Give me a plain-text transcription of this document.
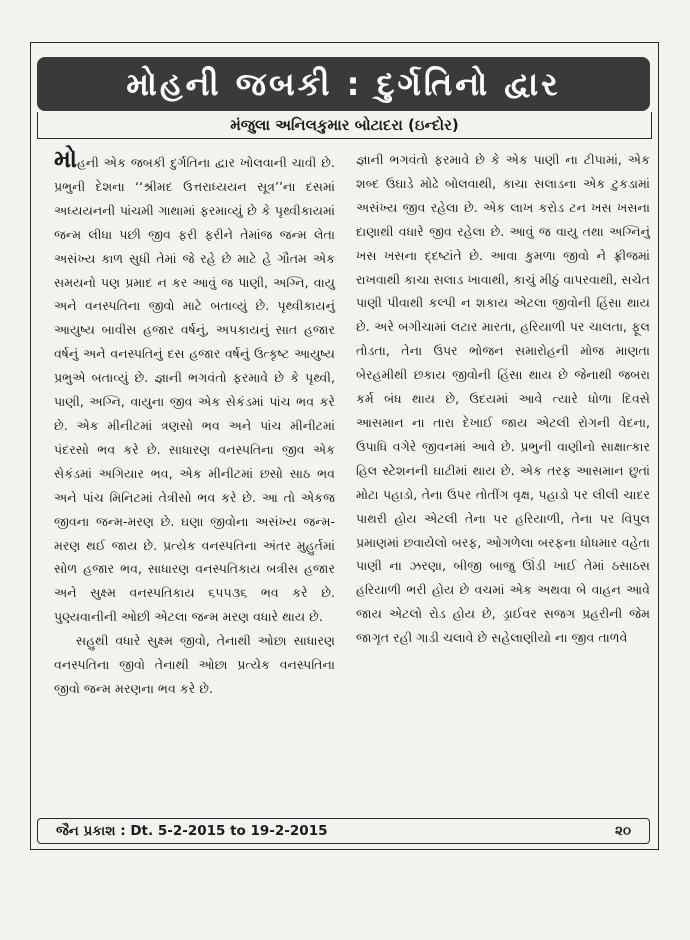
મોહની જબકી : દુર્ગતિનો દ્વાર
મંજુલા અનિલકુમાર બોટાદરા (ઇન્દોર)

મોહની એક જબકી દુર્ગતિના દ્વાર ખોલવાની ચાવી છે. પ્રભુની દેશના ‘‘શ્રીમદ ઉત્તરાધ્યયન સૂત્ર’’ના દસમાં અધ્યયનની પાંચમી ગાથામાં ફરમાવ્યું છે કે પૃથ્વીકાયમાં જન્મ લીધા પછી જીવ ફરી ફરીને તેમાંજ જન્મ લેતા અસંખ્ય કાળ સુધી તેમાં જે રહે છે માટે હે ગૌતમ એક સમયનો પણ પ્રમાદ ન કર આવું જ પાણી, અગ્નિ, વાયુ અને વનસ્પતિના જીવો માટે બતાવ્યું છે. પૃથ્વીકાયનું આયુષ્ય બાવીસ હજાર વર્ષનું, અપકાયનું સાત હજાર વર્ષનું અને વનસ્પતિનું દસ હજાર વર્ષનું ઉત્કૃષ્ટ આયુષ્ય પ્રભુએ બતાવ્યું છે. જ્ઞાની ભગવંતો ફરમાવે છે કે પૃથ્વી, પાણી, અગ્નિ, વાયુના જીવ એક સેકંડમાં પાંચ ભવ કરે છે. એક મીનીટમાં ત્રણસો ભવ અને પાંચ મીનીટમાં પંદરસો ભવ કરે છે. સાધારણ વનસ્પતિના જીવ એક સેકંડમાં અગિયાર ભવ, એક મીનીટમાં છસો સાઠ ભવ અને પાંચ મિનિટમાં તેત્રીસો ભવ કરે છે. આ તો એકજ જીવના જન્મ-મરણ છે. ઘણા જીવોના અસંખ્ય જન્મ-મરણ થઈ જાય છે. પ્રત્યેક વનસ્પતિના અંતર મુહુર્તમાં સોળ હજાર ભવ, સાધારણ વનસ્પતિકાય બત્રીસ હજાર અને સુક્ષ્મ વનસ્પતિકાય ૬૫૫૩૬ ભવ કરે છે. પુણ્યવાનીની ઓછી એટલા જન્મ મરણ વધારે થાય છે.

સહુથી વધારે સુક્ષ્મ જીવો, તેનાથી ઓછા સાધારણ વનસ્પતિના જીવો તેનાથી ઓછા પ્રત્યેક વનસ્પતિના જીવો જન્મ મરણના ભવ કરે છે.

જ્ઞાની ભગવંતો ફરમાવે છે કે એક પાણી ના ટીપામાં, એક શબ્દ ઉઘાડે મોઢે બોલવાથી, કાચા સલાડના એક ટુકડામાં અસંખ્ય જીવ રહેલા છે. એક લાખ કરોડ ટન ખસ ખસના દાણાથી વધારે જીવ રહેલા છે. આવું જ વાયુ તથા અગ્નિનું ખસ ખસના દ્દષ્ટાંતે છે. આવા કુમળા જીવો ને ફ્રીજમાં રાખવાથી કાચા સલાડ ખાવાથી, કાચું મીઠું વાપરવાથી, સચેત પાણી પીવાથી કલ્પી ન શકાય એટલા જીવોની હિંસા થાય છે. અરે બગીચામાં લટાર મારતા, હરિયાળી પર ચાલતા, ફૂલ તોડતા, તેના ઉપર ભોજન સમારોહની મોજ માણતા બેરહમીથી છકાય જીવોની હિંસા થાય છે જેનાથી જબરા કર્મ બંધ થાય છે, ઉદયમાં આવે ત્યારે ધોળા દિવસે આસમાન ના તારા દેખાઈ જાય એટલી રોગની વેદના, ઉપાધિ વગેરે જીવનમાં આવે છે. પ્રભુની વાણીનો સાક્ષાત્કાર હિલ સ્ટેશનની ઘાટીમાં થાય છે. એક તરફ આસમાન છુતાં મોટા પહાડો, તેના ઉપર તોતીંગ વૃક્ષ, પહાડો પર લીલી ચાદર પાથરી હોય એટલી તેના પર હરિયાળી, તેના પર વિપુલ પ્રમાણમાં છવાયેલો બરફ, ઓગળેલા બરફના ધોધમાર વહેતા પાણી ના ઝરણા, બીજી બાજુ ઊંડી ખાઈ તેમાં ઠસાઠસ હરિયાળી ભરી હોય છે વચમાં એક અથવા બે વાહન આવે જાય એટલો રોડ હોય છે, ડ્રાઈવર સજગ પ્રહરીની જેમ જાગૃત રહી ગાડી ચલાવે છે સહેલાણીયો ના જીવ તાળવે

જૈન પ્રકાશ : Dt. 5-2-2015 to 19-2-2015	૨૦
